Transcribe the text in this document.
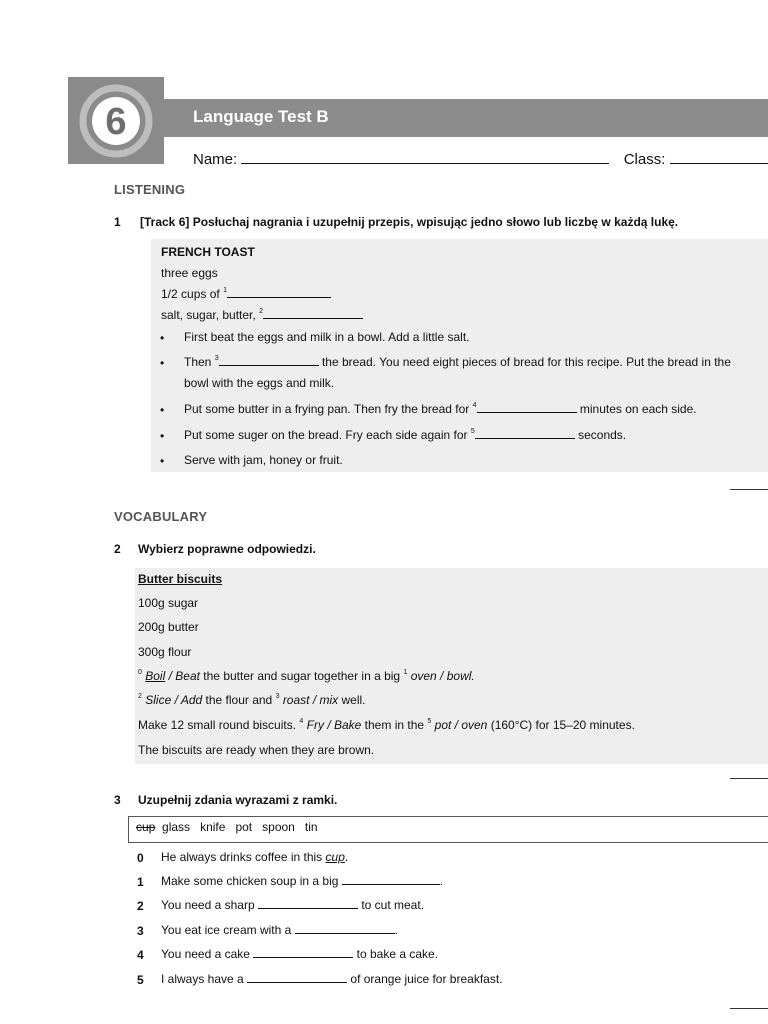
6	Language Test B
Name:	Class:
LISTENING
1 [Track 6] Posłuchaj nagrania i uzupełnij przepis, wpisując jedno słowo lub liczbę w każdą lukę.
FRENCH TOAST
three eggs
1/2 cups of $^1$
salt, sugar, butter, $^2$
• First beat the eggs and milk in a bowl. Add a little salt.
• Then $^3$	the bread. You need eight pieces of bread for this recipe. Put the bread in the
bowl with the eggs and milk.
• Put some butter in a frying pan. Then fry the bread for $^4$	minutes on each side.
• Put some suger on the bread. Fry each side again for $^5$	seconds.
• Serve with jam, honey or fruit.
VOCABULARY
2 Wybierz poprawne odpowiedzi.
Butter biscuits
100g sugar
200g butter
300g flour
$^0$ Boil / Beat the butter and sugar together in a big $^1$ oven / bowl.
$^2$ Slice / Add the flour and $^3$ roast / mix well.
Make 12 small round biscuits. $^4$ Fry / Bake them in the $^5$ pot / oven (160°C) for 15–20 minutes.
The biscuits are ready when they are brown.
3 Uzupełnij zdania wyrazami z ramki.
cup glass knife pot spoon tin
0 He always drinks coffee in this cup.
1 Make some chicken soup in a big	.
2 You need a sharp	to cut meat.
3 You eat ice cream with a	.
4 You need a cake	to bake a cake.
5 I always have a	of orange juice for breakfast.
